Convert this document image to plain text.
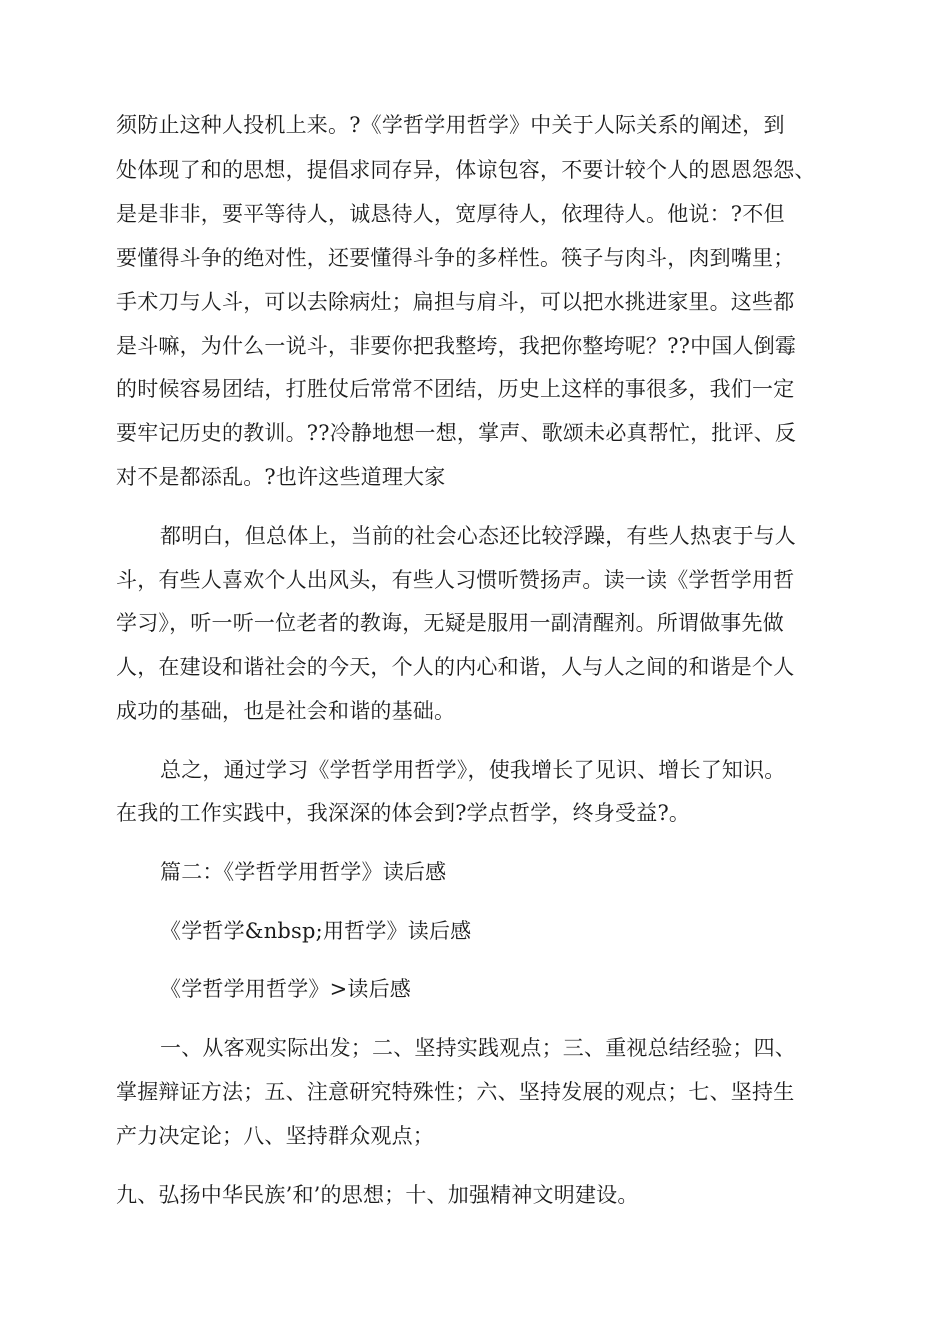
须防止这种人投机上来。?《学哲学用哲学》中关于人际关系的阐述，到
处体现了和的思想，提倡求同存异，体谅包容，不要计较个人的恩恩怨怨、
是是非非，要平等待人，诚恳待人，宽厚待人，依理待人。他说：?不但
要懂得斗争的绝对性，还要懂得斗争的多样性。筷子与肉斗，肉到嘴里；
手术刀与人斗，可以去除病灶；扁担与肩斗，可以把水挑进家里。这些都
是斗嘛，为什么一说斗，非要你把我整垮，我把你整垮呢？??中国人倒霉
的时候容易团结，打胜仗后常常不团结，历史上这样的事很多，我们一定
要牢记历史的教训。??冷静地想一想，掌声、歌颂未必真帮忙，批评、反
对不是都添乱。?也许这些道理大家
都明白，但总体上，当前的社会心态还比较浮躁，有些人热衷于与人
斗，有些人喜欢个人出风头，有些人习惯听赞扬声。读一读《学哲学用哲
学习》，听一听一位老者的教诲，无疑是服用一副清醒剂。所谓做事先做
人，在建设和谐社会的今天，个人的内心和谐，人与人之间的和谐是个人
成功的基础，也是社会和谐的基础。
总之，通过学习《学哲学用哲学》，使我增长了见识、增长了知识。
在我的工作实践中，我深深的体会到?学点哲学，终身受益?。
篇二：《学哲学用哲学》读后感
《学哲学&nbsp;用哲学》读后感
《学哲学用哲学》>读后感
一、从客观实际出发；二、坚持实践观点；三、重视总结经验；四、
掌握辩证方法；五、注意研究特殊性；六、坚持发展的观点；七、坚持生
产力决定论；八、坚持群众观点；
九、弘扬中华民族’和’的思想；十、加强精神文明建设。
